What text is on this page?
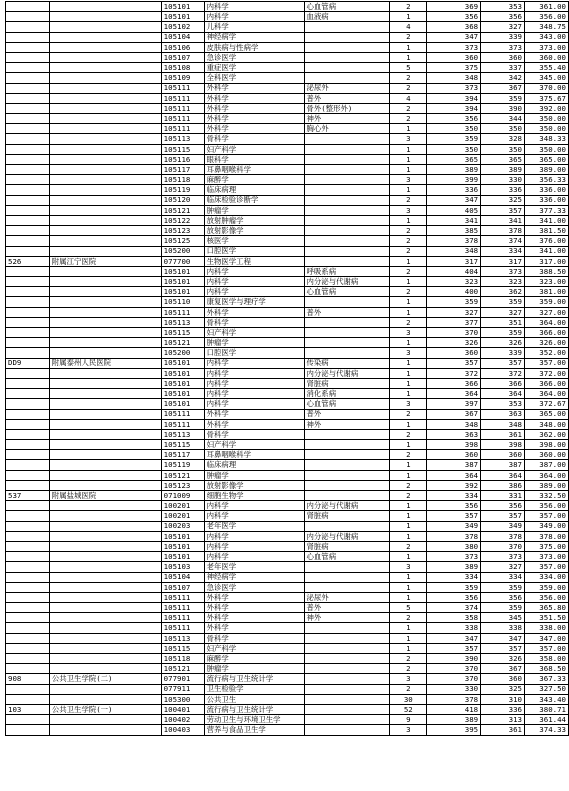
		105101	内科学	心血管病	2	369	353	361.00
		105101	内科学	血液病	1	356	356	356.00
		105102	儿科学		4	368	327	348.75
		105104	神经病学		2	347	339	343.00
		105106	皮肤病与性病学		1	373	373	373.00
		105107	急诊医学		1	360	360	360.00
		105108	重症医学		5	375	337	355.40
		105109	全科医学		2	348	342	345.00
		105111	外科学	泌尿外	2	373	367	370.00
		105111	外科学	普外	4	394	359	375.67
		105111	外科学	骨外(整形外)	2	394	390	392.00
		105111	外科学	神外	2	356	344	350.00
		105111	外科学	胸心外	1	350	350	350.00
		105113	骨科学		3	359	328	348.33
		105115	妇产科学		1	350	350	350.00
		105116	眼科学		1	365	365	365.00
		105117	耳鼻咽喉科学		1	389	389	389.00
		105118	麻醉学		3	399	330	356.33
		105119	临床病理		1	336	336	336.00
		105120	临床检验诊断学		2	347	325	336.00
		105121	肿瘤学		3	405	357	377.33
		105122	放射肿瘤学		1	341	341	341.00
		105123	放射影像学		2	385	378	381.50
		105125	核医学		2	378	374	376.00
		105200	口腔医学		2	348	334	341.00
526	附属江宁医院	077700	生物医学工程		1	317	317	317.00
		105101	内科学	呼吸系病	2	404	373	388.50
		105101	内科学	内分泌与代谢病	1	323	323	323.00
		105101	内科学	心血管病	2	400	362	381.00
		105110	康复医学与理疗学		1	359	359	359.00
		105111	外科学	普外	1	327	327	327.00
		105113	骨科学		2	377	351	364.00
		105115	妇产科学		3	370	359	366.00
		105121	肿瘤学		1	326	326	326.00
		105200	口腔医学		3	360	339	352.00
DD9	附属泰州人民医院	105101	内科学	传染病	1	357	357	357.00
		105101	内科学	内分泌与代谢病	1	372	372	372.00
		105101	内科学	肾脏病	1	366	366	366.00
		105101	内科学	消化系病	1	364	364	364.00
		105101	内科学	心血管病	3	397	353	372.67
		105111	外科学	普外	2	367	363	365.00
		105111	外科学	神外	1	348	348	348.00
		105113	骨科学		2	363	361	362.00
		105115	妇产科学		1	398	398	398.00
		105117	耳鼻咽喉科学		2	360	360	360.00
		105119	临床病理		1	387	387	387.00
		105121	肿瘤学		1	364	364	364.00
		105123	放射影像学		2	392	386	389.00
537	附属盐城医院	071009	细胞生物学		2	334	331	332.50
		100201	内科学	内分泌与代谢病	1	356	356	356.00
		100201	内科学	肾脏病	1	357	357	357.00
		100203	老年医学		1	349	349	349.00
		105101	内科学	内分泌与代谢病	1	378	378	378.00
		105101	内科学	肾脏病	2	380	370	375.00
		105101	内科学	心血管病	1	373	373	373.00
		105103	老年医学		3	389	327	357.00
		105104	神经病学		1	334	334	334.00
		105107	急诊医学		1	359	359	359.00
		105111	外科学	泌尿外	1	356	356	356.00
		105111	外科学	普外	5	374	359	365.80
		105111	外科学	神外	2	358	345	351.50
		105111	外科学		1	338	338	338.00
		105113	骨科学		1	347	347	347.00
		105115	妇产科学		1	357	357	357.00
		105118	麻醉学		2	390	326	358.00
		105121	肿瘤学		2	370	367	368.50
908	公共卫生学院(二)	077901	流行病与卫生统计学		3	370	360	367.33
		077911	卫生检验学		2	330	325	327.50
		105300	公共卫生		30	378	310	343.40
103	公共卫生学院(一)	100401	流行病与卫生统计学		52	418	336	380.71
		100402	劳动卫生与环境卫生学		9	389	313	361.44
		100403	营养与食品卫生学		3	395	361	374.33
